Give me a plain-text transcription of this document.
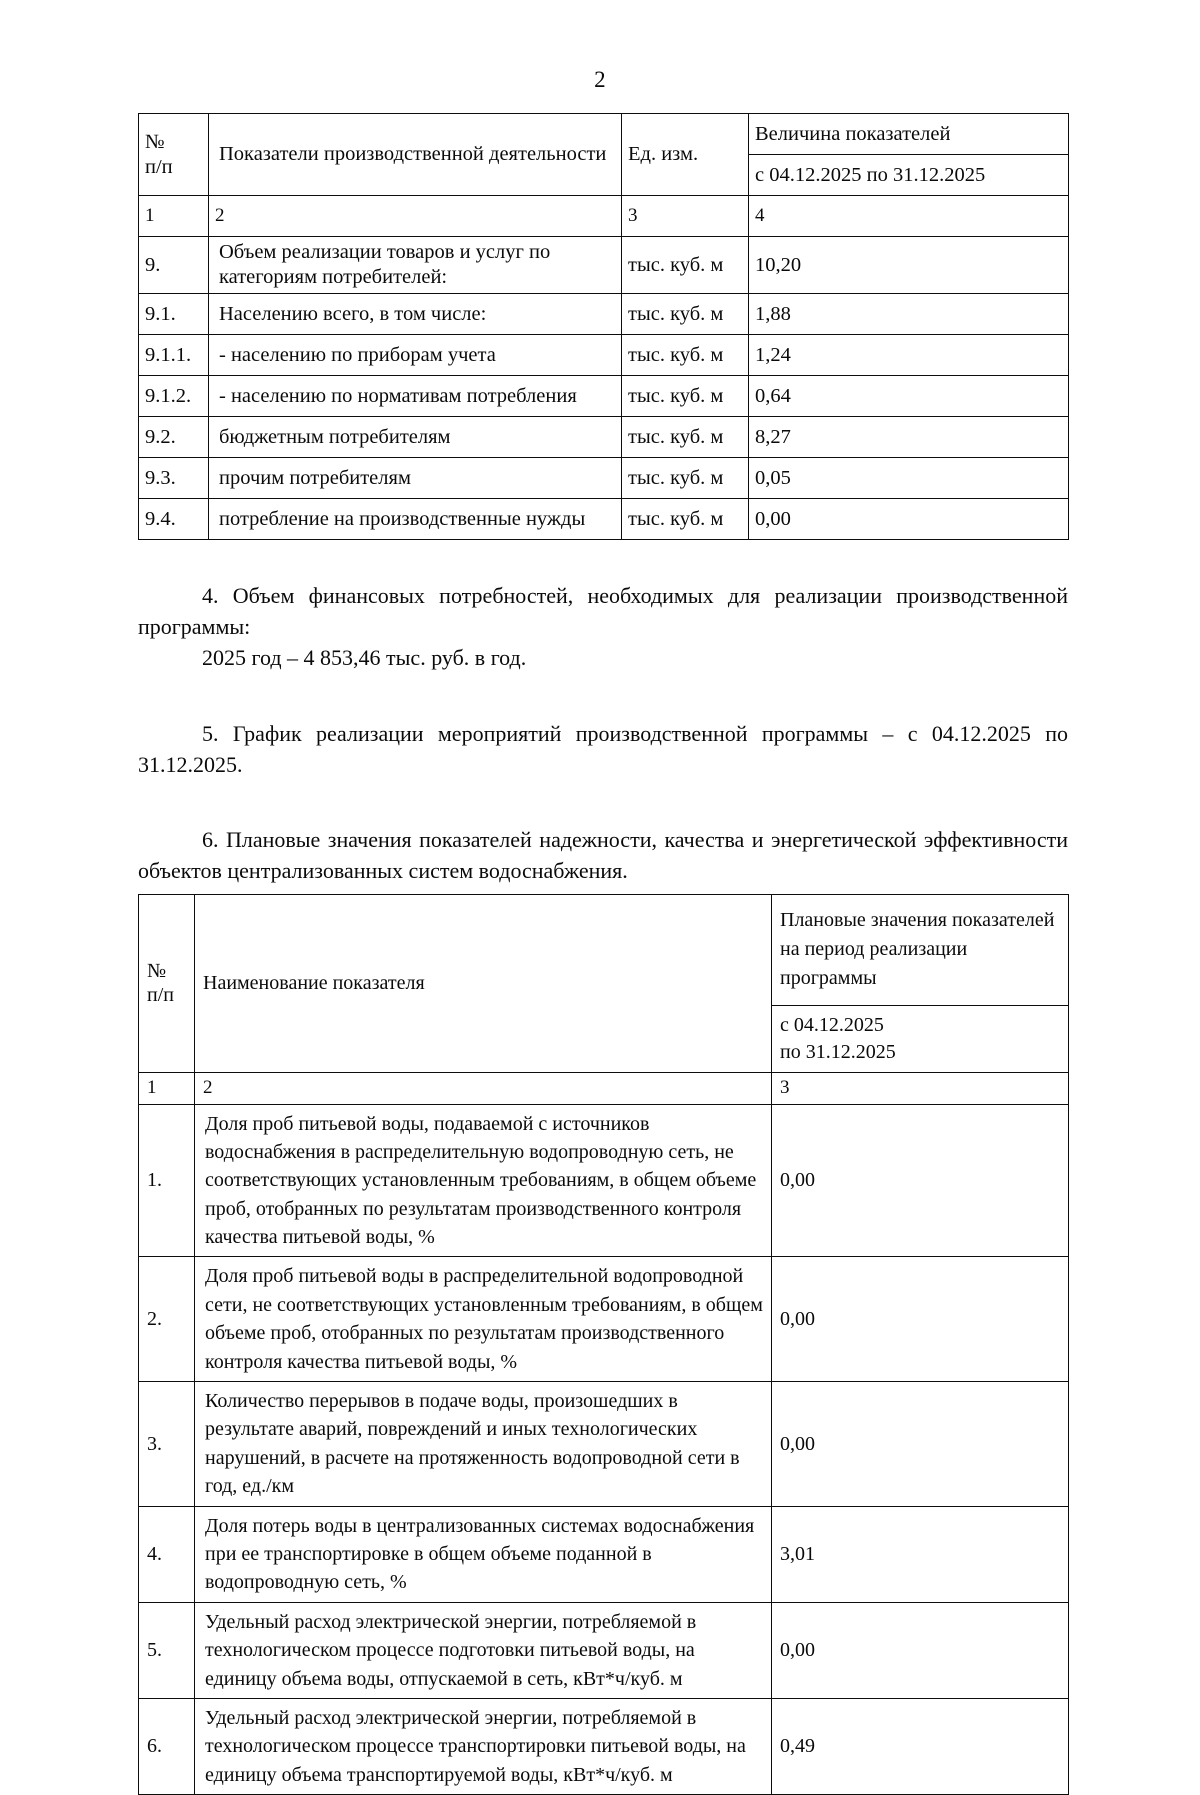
2
№
п/п	Показатели производственной деятельности	Ед. изм.	Величина показателей
			с 04.12.2025 по 31.12.2025
1	2	3	4
9.	Объем реализации товаров и услуг по категориям потребителей:	тыс. куб. м	10,20
9.1.	Населению всего, в том числе:	тыс. куб. м	1,88
9.1.1.	- населению по приборам учета	тыс. куб. м	1,24
9.1.2.	- населению по нормативам потребления	тыс. куб. м	0,64
9.2.	бюджетным потребителям	тыс. куб. м	8,27
9.3.	прочим потребителям	тыс. куб. м	0,05
9.4.	потребление на производственные нужды	тыс. куб. м	0,00

4. Объем финансовых потребностей, необходимых для реализации производственной программы:

2025 год – 4 853,46 тыс. руб. в год.

5. График реализации мероприятий производственной программы – с 04.12.2025 по 31.12.2025.

6. Плановые значения показателей надежности, качества и энергетической эффективности объектов централизованных систем водоснабжения.

№
п/п	Наименование показателя	Плановые значения показателей на период реализации программы

		с 04.12.2025
по 31.12.2025

1	2	3
1.	Доля проб питьевой воды, подаваемой с источников водоснабжения в распределительную водопроводную сеть, не соответствующих установленным требованиям, в общем объеме проб, отобранных по результатам производственного контроля качества питьевой воды, %	0,00
2.	Доля проб питьевой воды в распределительной водопроводной сети, не соответствующих установленным требованиям, в общем объеме проб, отобранных по результатам производственного контроля качества питьевой воды, %	0,00
3.	Количество перерывов в подаче воды, произошедших в результате аварий, повреждений и иных технологических нарушений, в расчете на протяженность водопроводной сети в год, ед./км	0,00
4.	Доля потерь воды в централизованных системах водоснабжения при ее транспортировке в общем объеме поданной в водопроводную сеть, %	3,01
5.	Удельный расход электрической энергии, потребляемой в технологическом процессе подготовки питьевой воды, на единицу объема воды, отпускаемой в сеть, кВт*ч/куб. м	0,00
6.	Удельный расход электрической энергии, потребляемой в технологическом процессе транспортировки питьевой воды, на единицу объема транспортируемой воды, кВт*ч/куб. м	0,49
